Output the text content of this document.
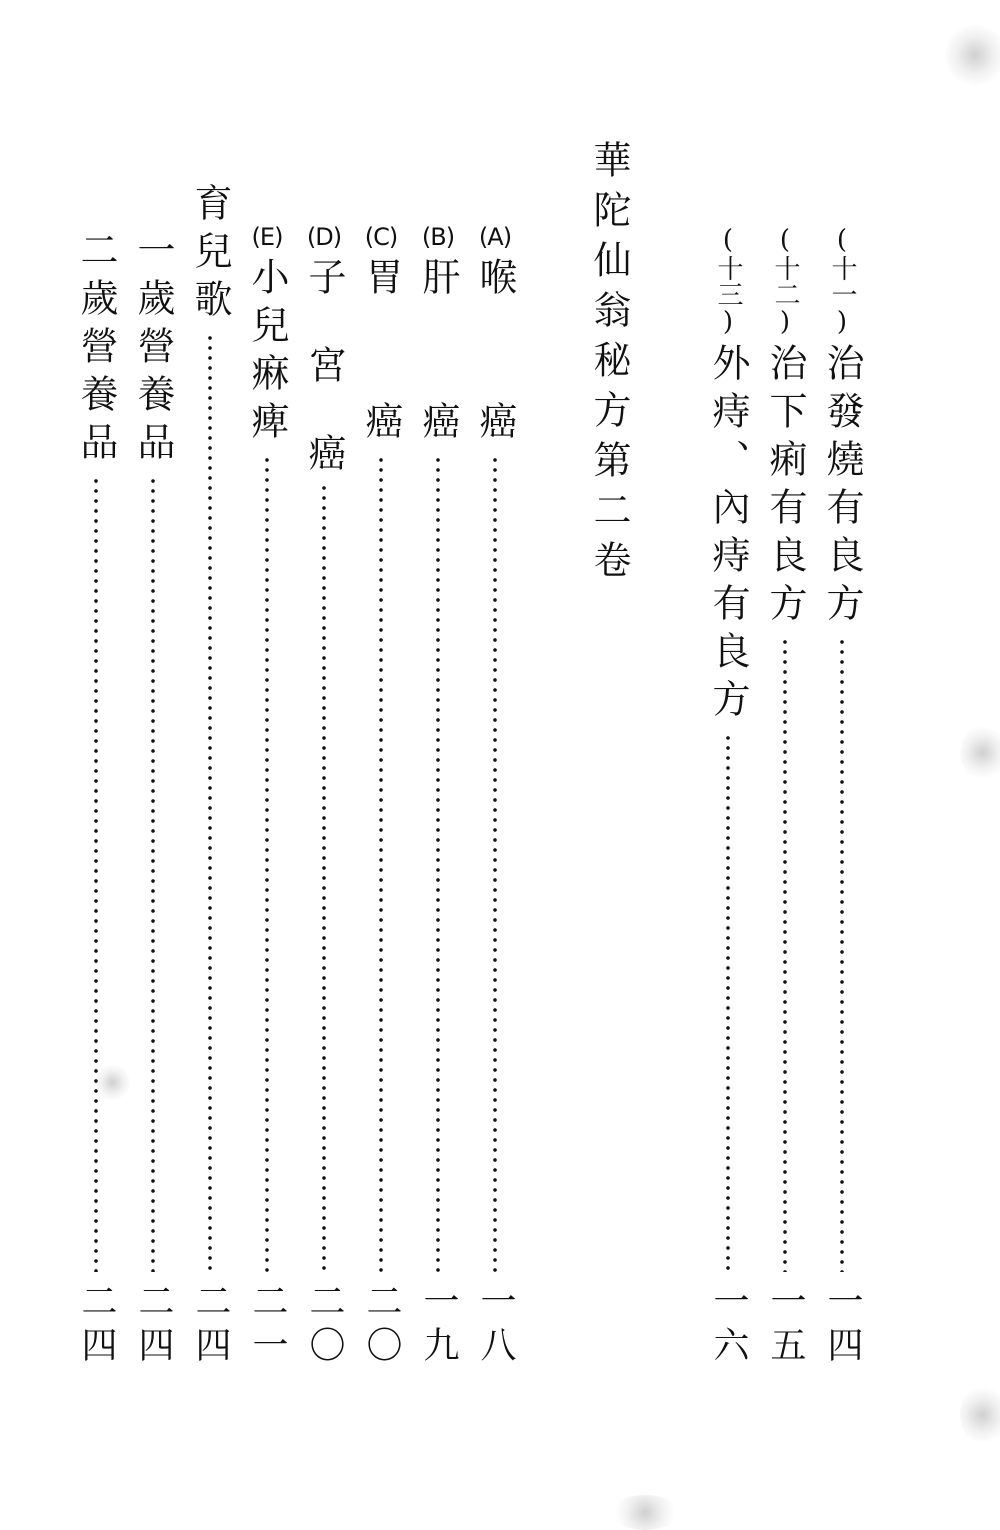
(十一)
治發燒有良方
一四
(十二)
治下痢有良方
一五
(十三)
外痔、內痔有良方
一六
華陀仙翁秘方第二卷
(A)
喉　　癌
一八
(B)
肝　　癌
一九
(C)
胃　　癌
二〇
(D)
子　宮　癌
二〇
(E)
小兒痳痺
二一
育兒歌
二四
一歲營養品
二四
二歲營養品
二四
